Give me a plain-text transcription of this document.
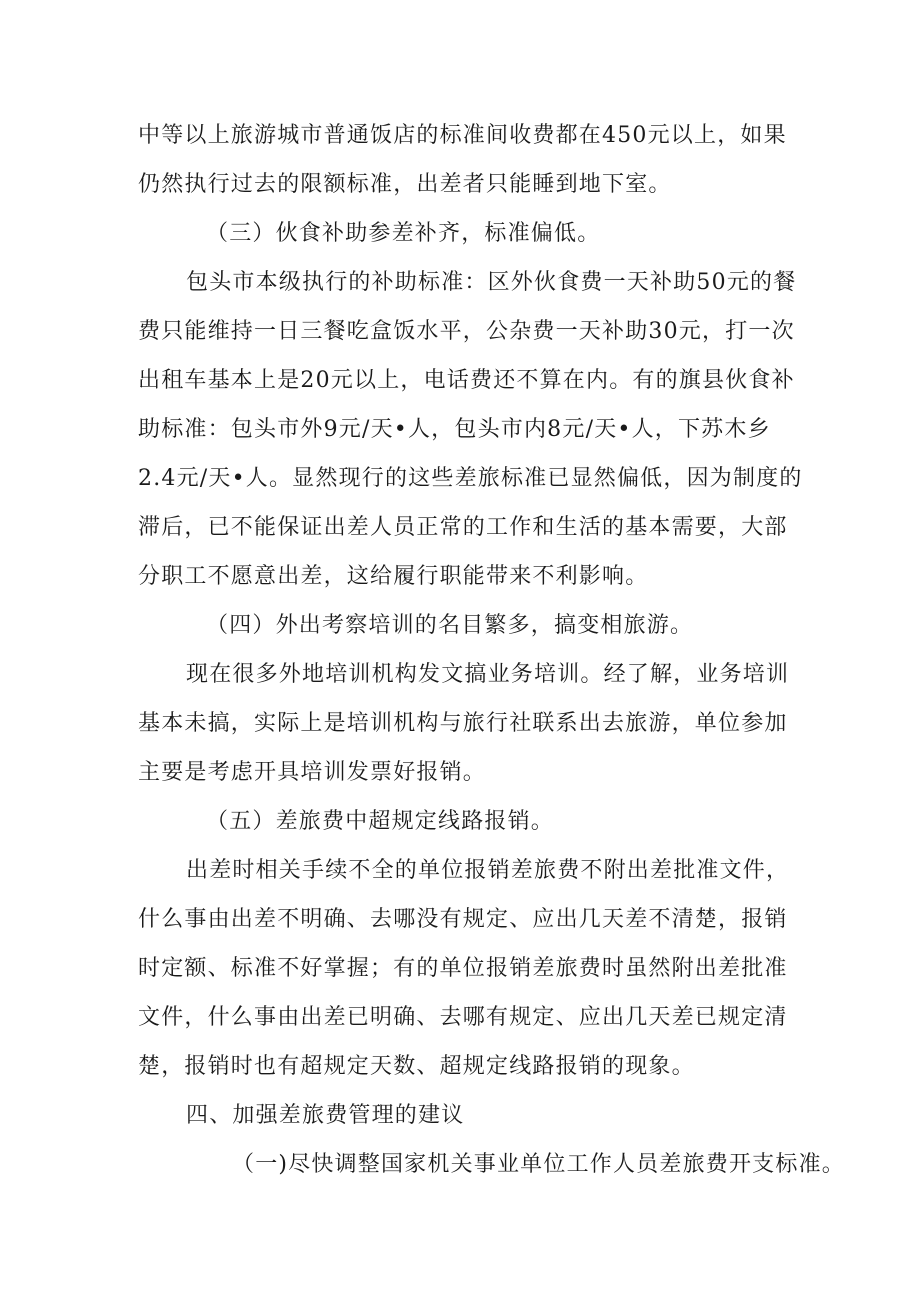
中等以上旅游城市普通饭店的标准间收费都在450元以上，如果
仍然执行过去的限额标准，出差者只能睡到地下室。
（三）伙食补助参差补齐，标准偏低。
包头市本级执行的补助标准：区外伙食费一天补助50元的餐
费只能维持一日三餐吃盒饭水平，公杂费一天补助30元，打一次
出租车基本上是20元以上，电话费还不算在内。有的旗县伙食补
助标准：包头市外9元/天•人，包头市内8元/天•人，下苏木乡
2.4元/天•人。显然现行的这些差旅标准已显然偏低，因为制度的
滞后，已不能保证出差人员正常的工作和生活的基本需要，大部
分职工不愿意出差，这给履行职能带来不利影响。
（四）外出考察培训的名目繁多，搞变相旅游。
现在很多外地培训机构发文搞业务培训。经了解，业务培训
基本未搞，实际上是培训机构与旅行社联系出去旅游，单位参加
主要是考虑开具培训发票好报销。
（五）差旅费中超规定线路报销。
出差时相关手续不全的单位报销差旅费不附出差批准文件，
什么事由出差不明确、去哪没有规定、应出几天差不清楚，报销
时定额、标准不好掌握；有的单位报销差旅费时虽然附出差批准
文件，什么事由出差已明确、去哪有规定、应出几天差已规定清
楚，报销时也有超规定天数、超规定线路报销的现象。
四、加强差旅费管理的建议
（一)尽快调整国家机关事业单位工作人员差旅费开支标准。
